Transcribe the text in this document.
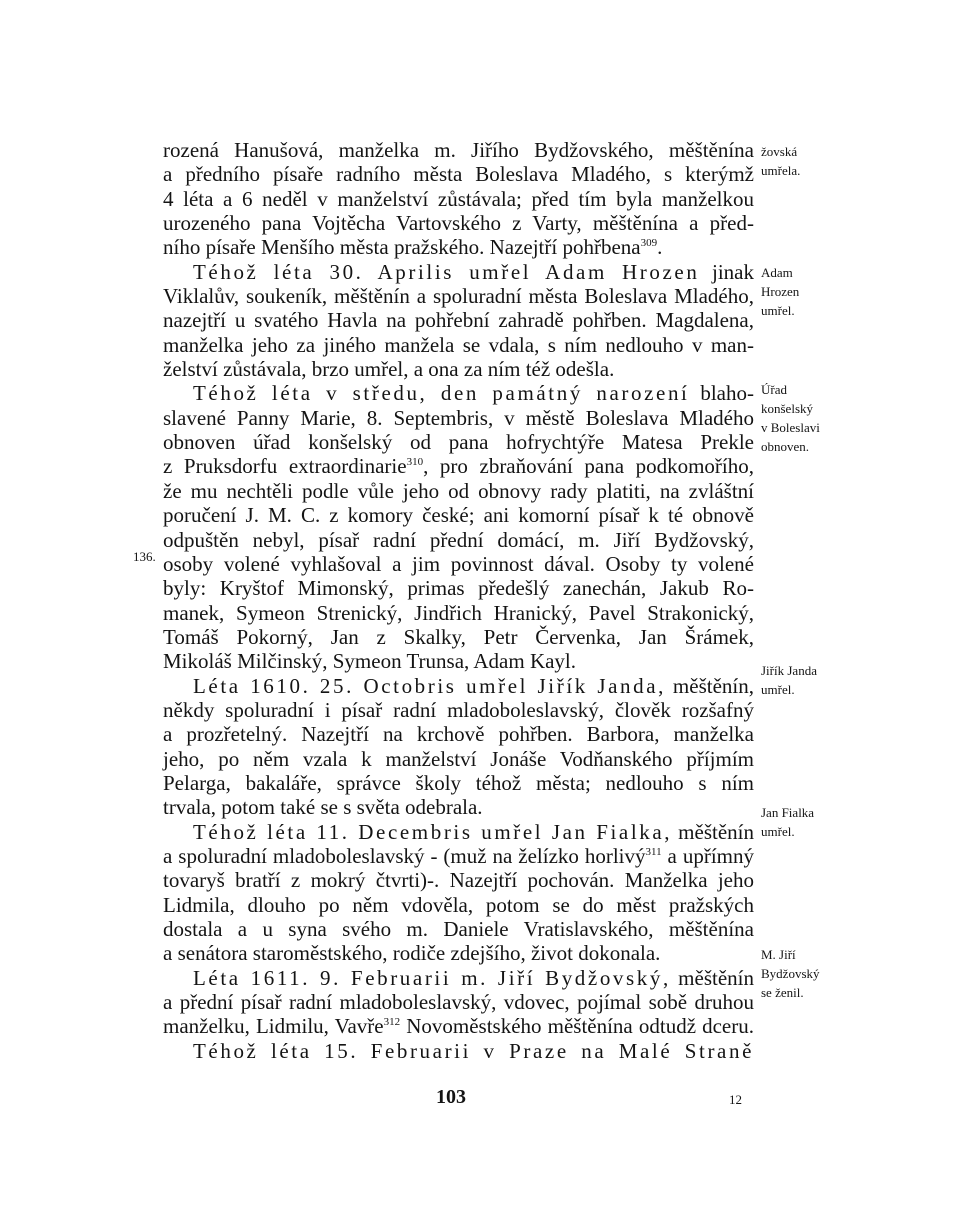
rozená Hanušová, manželka m. Jiřího Bydžovského, měštěnína
a předního písaře radního města Boleslava Mladého, s kterýmž
4 léta a 6 neděl v manželství zůstávala; před tím byla manželkou
urozeného pana Vojtěcha Vartovského z Varty, měštěnína a před-
ního písaře Menšího města pražského. Nazejtří pohřbena$^{309}$.
Téhož léta 30. Aprilis umřel Adam Hrozen jinak
Viklalův, soukeník, měštěnín a spoluradní města Boleslava Mladého,
nazejtří u svatého Havla na pohřební zahradě pohřben. Magdalena,
manželka jeho za jiného manžela se vdala, s ním nedlouho v man-
želství zůstávala, brzo umřel, a ona za ním též odešla.
Téhož léta v středu, den památný narození blaho-
slavené Panny Marie, 8. Septembris, v městě Boleslava Mladého
obnoven úřad konšelský od pana hofrychtýře Matesa Prekle
z Pruksdorfu extraordinarie$^{310}$, pro zbraňování pana podkomořího,
že mu nechtěli podle vůle jeho od obnovy rady platiti, na zvláštní
poručení J. M. C. z komory české; ani komorní písař k té obnově
odpuštěn nebyl, písař radní přední domácí, m. Jiří Bydžovský,
osoby volené vyhlašoval a jim povinnost dával. Osoby ty volené
byly: Kryštof Mimonský, primas předešlý zanechán, Jakub Ro-
manek, Symeon Strenický, Jindřich Hranický, Pavel Strakonický,
Tomáš Pokorný, Jan z Skalky, Petr Červenka, Jan Šrámek,
Mikoláš Milčinský, Symeon Trunsa, Adam Kayl.
Léta 1610. 25. Octobris umřel Jiřík Janda, měštěnín,
někdy spoluradní i písař radní mladoboleslavský, člověk rozšafný
a prozřetelný. Nazejtří na krchově pohřben. Barbora, manželka
jeho, po něm vzala k manželství Jonáše Vodňanského příjmím
Pelarga, bakaláře, správce školy téhož města; nedlouho s ním
trvala, potom také se s světa odebrala.
Téhož léta 11. Decembris umřel Jan Fialka, měštěnín
a spoluradní mladoboleslavský - (muž na želízko horlivý$^{311}$ a upřímný
tovaryš bratří z mokrý čtvrti)-. Nazejtří pochován. Manželka jeho
Lidmila, dlouho po něm vdověla, potom se do měst pražských
dostala a u syna svého m. Daniele Vratislavského, měštěnína
a senátora staroměstského, rodiče zdejšího, život dokonala.
Léta 1611. 9. Februarii m. Jiří Bydžovský, měštěnín
a přední písař radní mladoboleslavský, vdovec, pojímal sobě druhou
manželku, Lidmilu, Vavře$^{312}$ Novoměstského měštěnína odtudž dceru.
Téhož léta 15. Februarii v Praze na Malé Straně
žovská
umřela.
Adam
Hrozen
umřel.
Úřad
konšelský
v Boleslavi
obnoven.
Jiřík Janda
umřel.
Jan Fialka
umřel.
M. Jiří
Bydžovský
se ženil.
136.
103	12
